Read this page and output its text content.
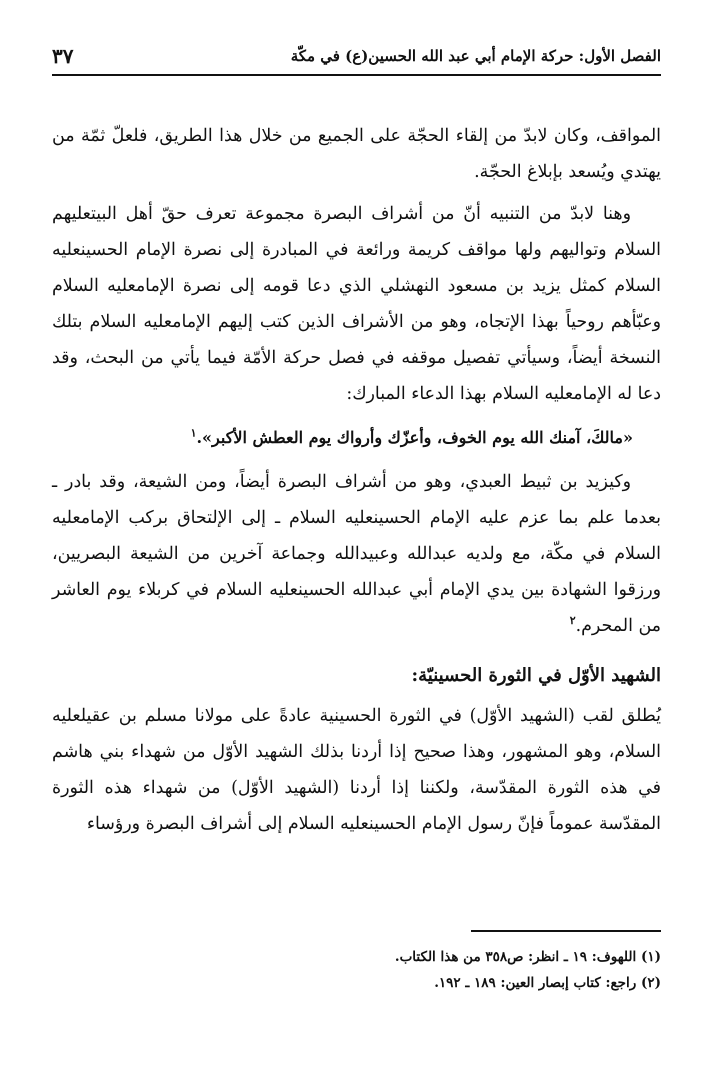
الفصل الأول: حركة الإمام أبي عبد الله الحسين(ع) في مكّة
٣٧

المواقف، وكان لابدّ من إلقاء الحجّة على الجميع من خلال هذا الطريق، فلعلّ ثمّة من يهتدي ويُسعد بإبلاغ الحجّة.

وهنا لابدّ من التنبيه أنّ من أشراف البصرة مجموعة تعرف حقّ أهل البيتعليهم السلام وتواليهم ولها مواقف كريمة ورائعة في المبادرة إلى نصرة الإمام الحسينعليه السلام كمثل يزيد بن مسعود النهشلي الذي دعا قومه إلى نصرة الإمامعليه السلام وعبّأهم روحياً بهذا الإتجاه، وهو من الأشراف الذين كتب إليهم الإمامعليه السلام بتلك النسخة أيضاً، وسيأتي تفصيل موقفه في فصل حركة الأمّة فيما يأتي من البحث، وقد دعا له الإمامعليه السلام بهذا الدعاء المبارك:

«مالكَ، آمنك الله يوم الخوف، وأعزّك وأرواك يوم العطش الأكبر».$^١$

وكيزيد بن ثبيط العبدي، وهو من أشراف البصرة أيضاً، ومن الشيعة، وقد بادر ـ بعدما علم بما عزم عليه الإمام الحسينعليه السلام ـ إلى الإلتحاق بركب الإمامعليه السلام في مكّة، مع ولديه عبدالله وعبيدالله وجماعة آخرين من الشيعة البصريين، ورزقوا الشهادة بين يدي الإمام أبي عبدالله الحسينعليه السلام في كربلاء يوم العاشر من المحرم.$^٢$

الشهيد الأوّل في الثورة الحسينيّة:

يُطلق لقب (الشهيد الأوّل) في الثورة الحسينية عادةً على مولانا مسلم بن عقيلعليه السلام، وهو المشهور، وهذا صحيح إذا أردنا بذلك الشهيد الأوّل من شهداء بني هاشم في هذه الثورة المقدّسة، ولكننا إذا أردنا (الشهيد الأوّل) من شهداء هذه الثورة المقدّسة عموماً فإنّ رسول الإمام الحسينعليه السلام إلى أشراف البصرة ورؤساء

(١) اللهوف: ١٩ ـ انظر: ص٣٥٨ من هذا الكتاب.

(٢) راجع: كتاب إبصار العين: ١٨٩ ـ ١٩٢.
